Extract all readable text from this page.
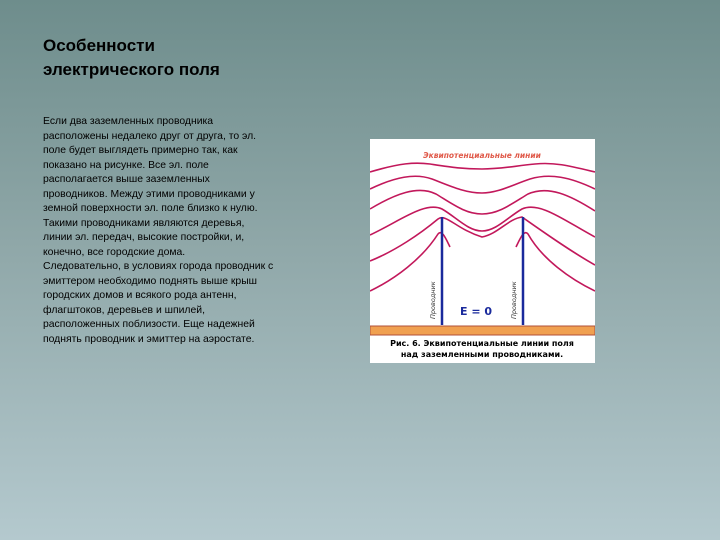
Особенности
электрического поля

Если два заземленных проводника расположены недалеко друг от друга, то эл. поле будет выглядеть примерно так, как показано на рисунке. Все эл. поле располагается выше заземленных проводников. Между этими проводниками у земной поверхности эл. поле близко к нулю. Такими проводниками являются деревья, линии эл. передач, высокие постройки, и, конечно, все городские дома.

Следовательно, в условиях города проводник с эмиттером необходимо поднять выше крыш городских домов и всякого рода антенн, флагштоков, деревьев и шпилей, расположенных поблизости. Еще надежней поднять проводник и эмиттер на аэростате.

Эквипотенциальные линии
Проводник	Проводник
E = 0
Рис. 6. Эквипотенциальные линии поля
над заземленными проводниками.
